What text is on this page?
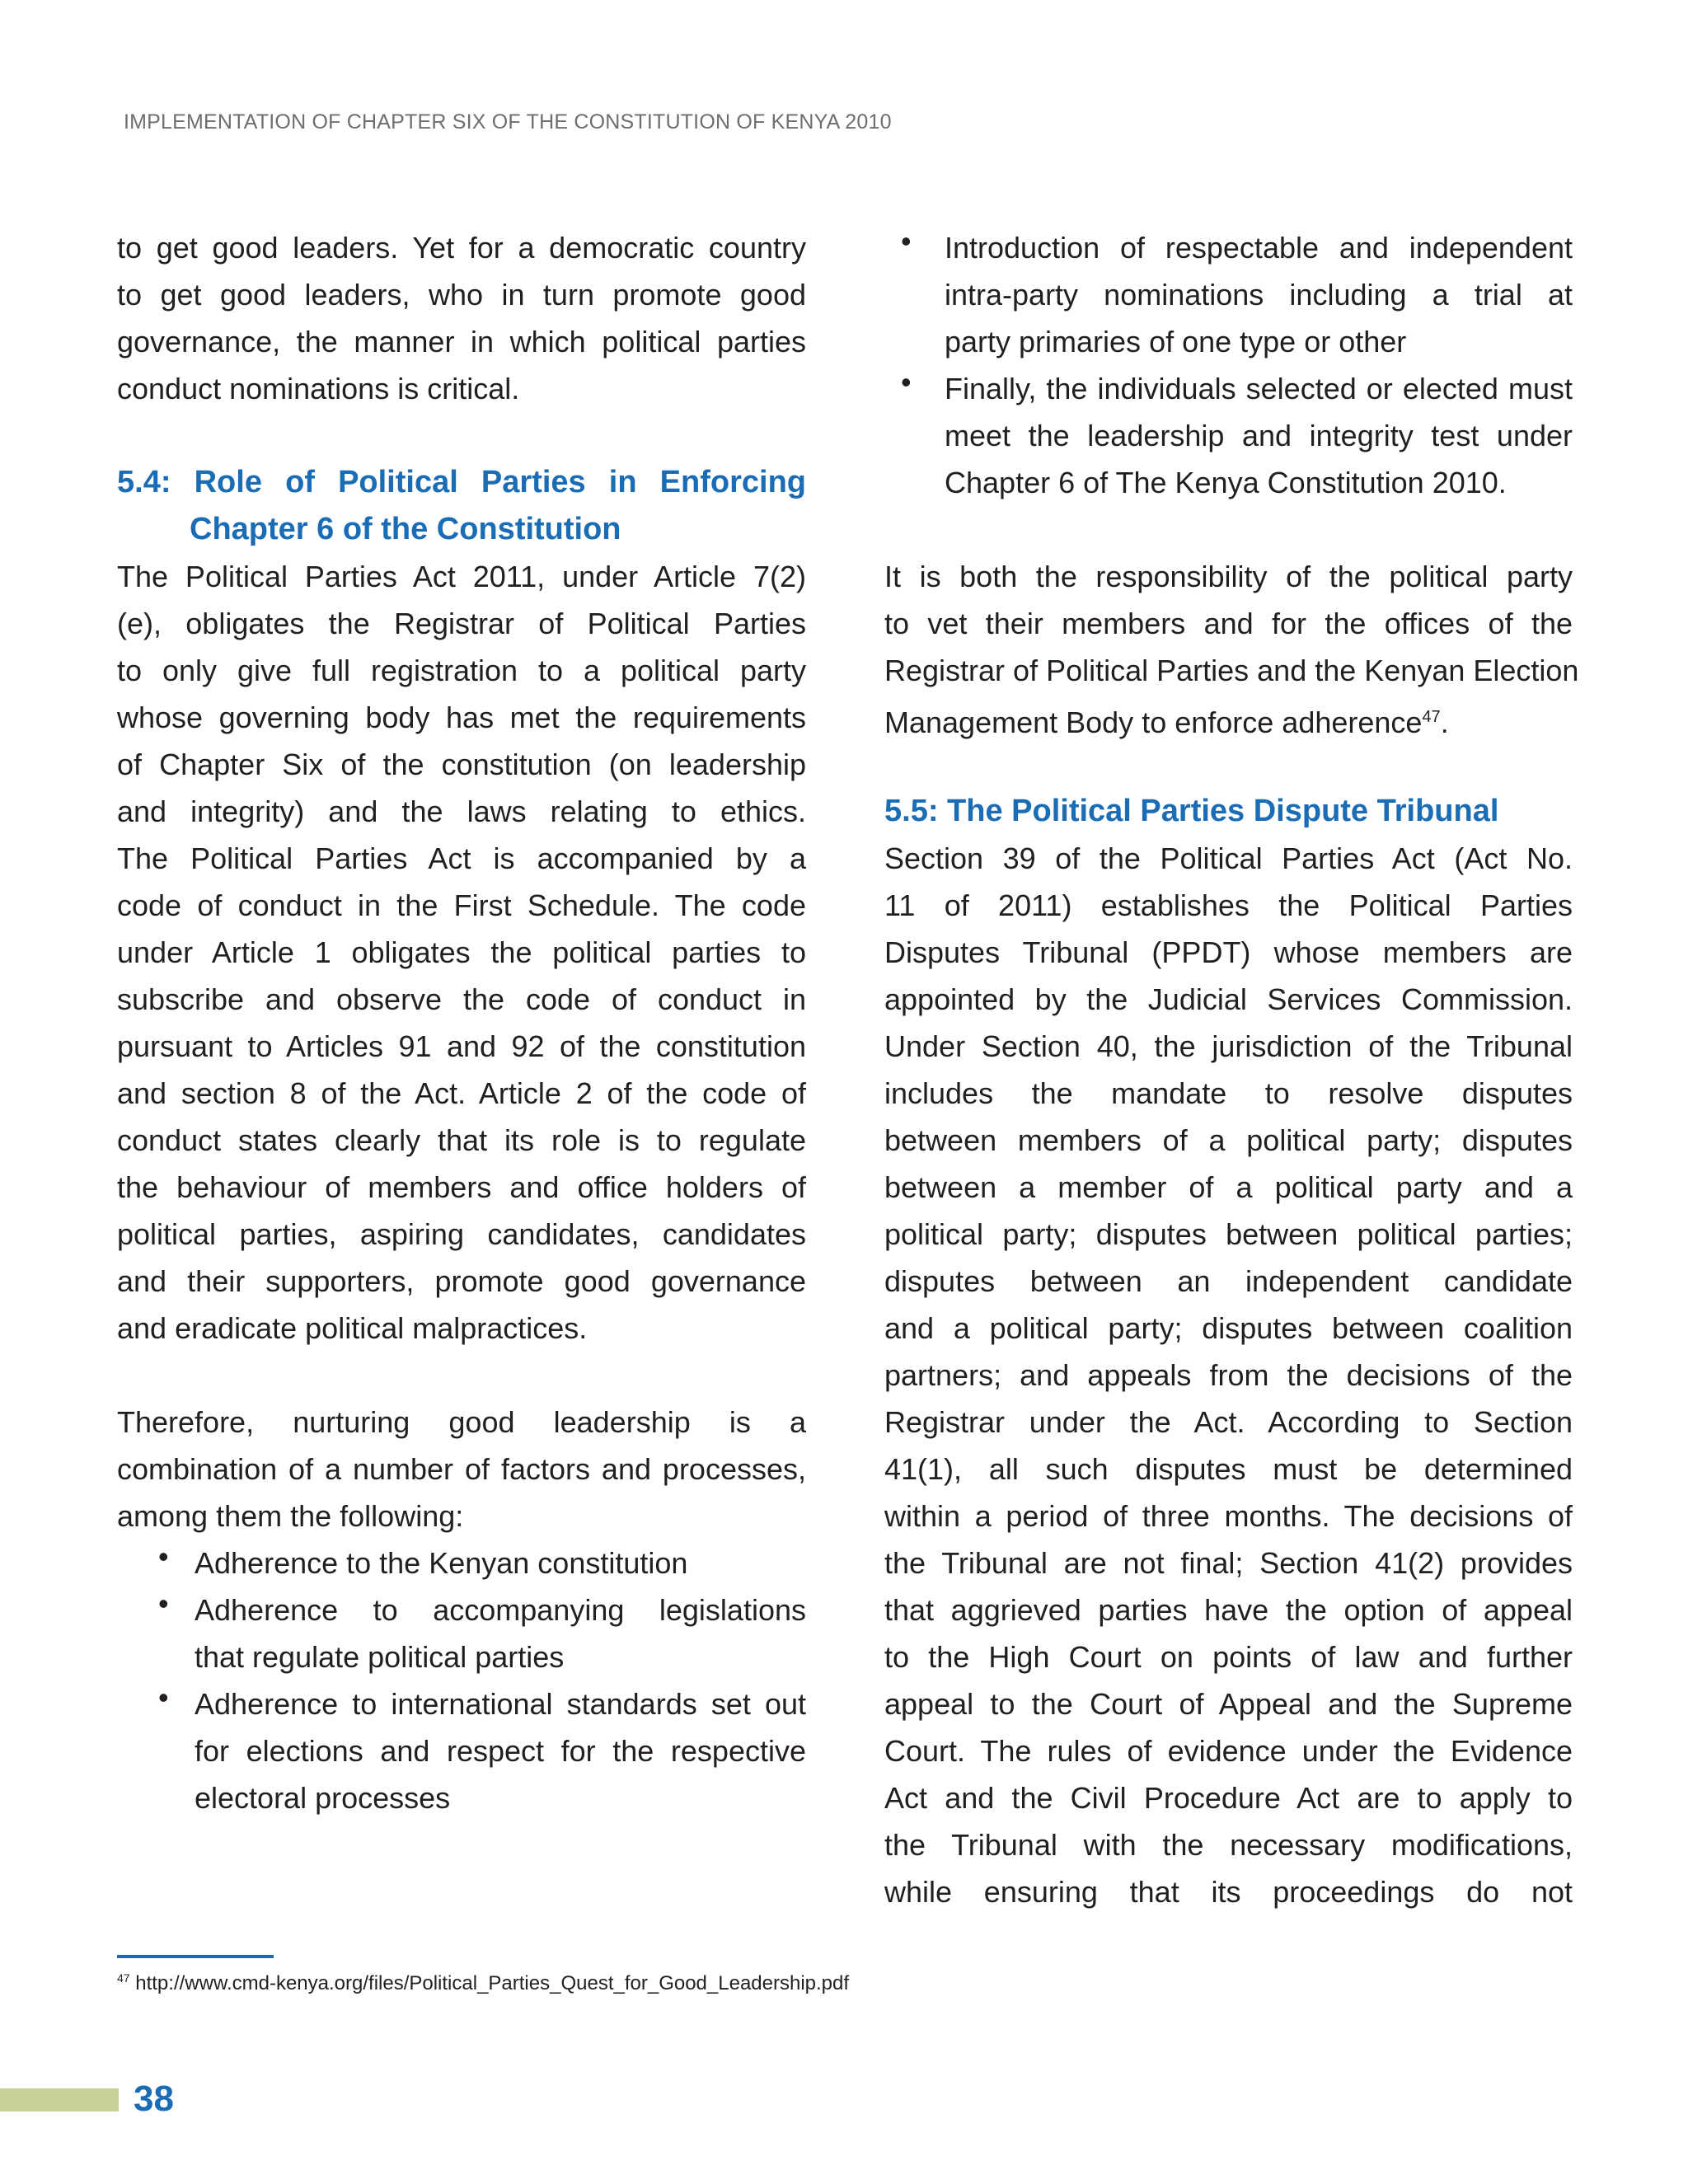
IMPLEMENTATION OF CHAPTER SIX OF THE CONSTITUTION OF KENYA 2010
to get good leaders. Yet for a democratic country
to get good leaders, who in turn promote good
governance, the manner in which political parties
conduct nominations is critical.
5.4: Role of Political Parties in Enforcing
Chapter 6 of the Constitution
The Political Parties Act 2011, under Article 7(2)
(e), obligates the Registrar of Political Parties
to only give full registration to a political party
whose governing body has met the requirements
of Chapter Six of the constitution (on leadership
and integrity) and the laws relating to ethics.
The Political Parties Act is accompanied by a
code of conduct in the First Schedule. The code
under Article 1 obligates the political parties to
subscribe and observe the code of conduct in
pursuant to Articles 91 and 92 of the constitution
and section 8 of the Act. Article 2 of the code of
conduct states clearly that its role is to regulate
the behaviour of members and office holders of
political parties, aspiring candidates, candidates
and their supporters, promote good governance
and eradicate political malpractices.
Therefore, nurturing good leadership is a
combination of a number of factors and processes,
among them the following:
• Adherence to the Kenyan constitution
• Adherence to accompanying legislations
that regulate political parties
• Adherence to international standards set out
for elections and respect for the respective
electoral processes
• Introduction of respectable and independent
intra-party nominations including a trial at
party primaries of one type or other
• Finally, the individuals selected or elected must
meet the leadership and integrity test under
Chapter 6 of The Kenya Constitution 2010.
It is both the responsibility of the political party
to vet their members and for the offices of the
Registrar of Political Parties and the Kenyan Election
Management Body to enforce adherence$^{47}$.
5.5: The Political Parties Dispute Tribunal
Section 39 of the Political Parties Act (Act No.
11 of 2011) establishes the Political Parties
Disputes Tribunal (PPDT) whose members are
appointed by the Judicial Services Commission.
Under Section 40, the jurisdiction of the Tribunal
includes the mandate to resolve disputes
between members of a political party; disputes
between a member of a political party and a
political party; disputes between political parties;
disputes between an independent candidate
and a political party; disputes between coalition
partners; and appeals from the decisions of the
Registrar under the Act. According to Section
41(1), all such disputes must be determined
within a period of three months. The decisions of
the Tribunal are not final; Section 41(2) provides
that aggrieved parties have the option of appeal
to the High Court on points of law and further
appeal to the Court of Appeal and the Supreme
Court. The rules of evidence under the Evidence
Act and the Civil Procedure Act are to apply to
the Tribunal with the necessary modifications,
while ensuring that its proceedings do not
$^{47}$ http://www.cmd-kenya.org/files/Political_Parties_Quest_for_Good_Leadership.pdf
38
